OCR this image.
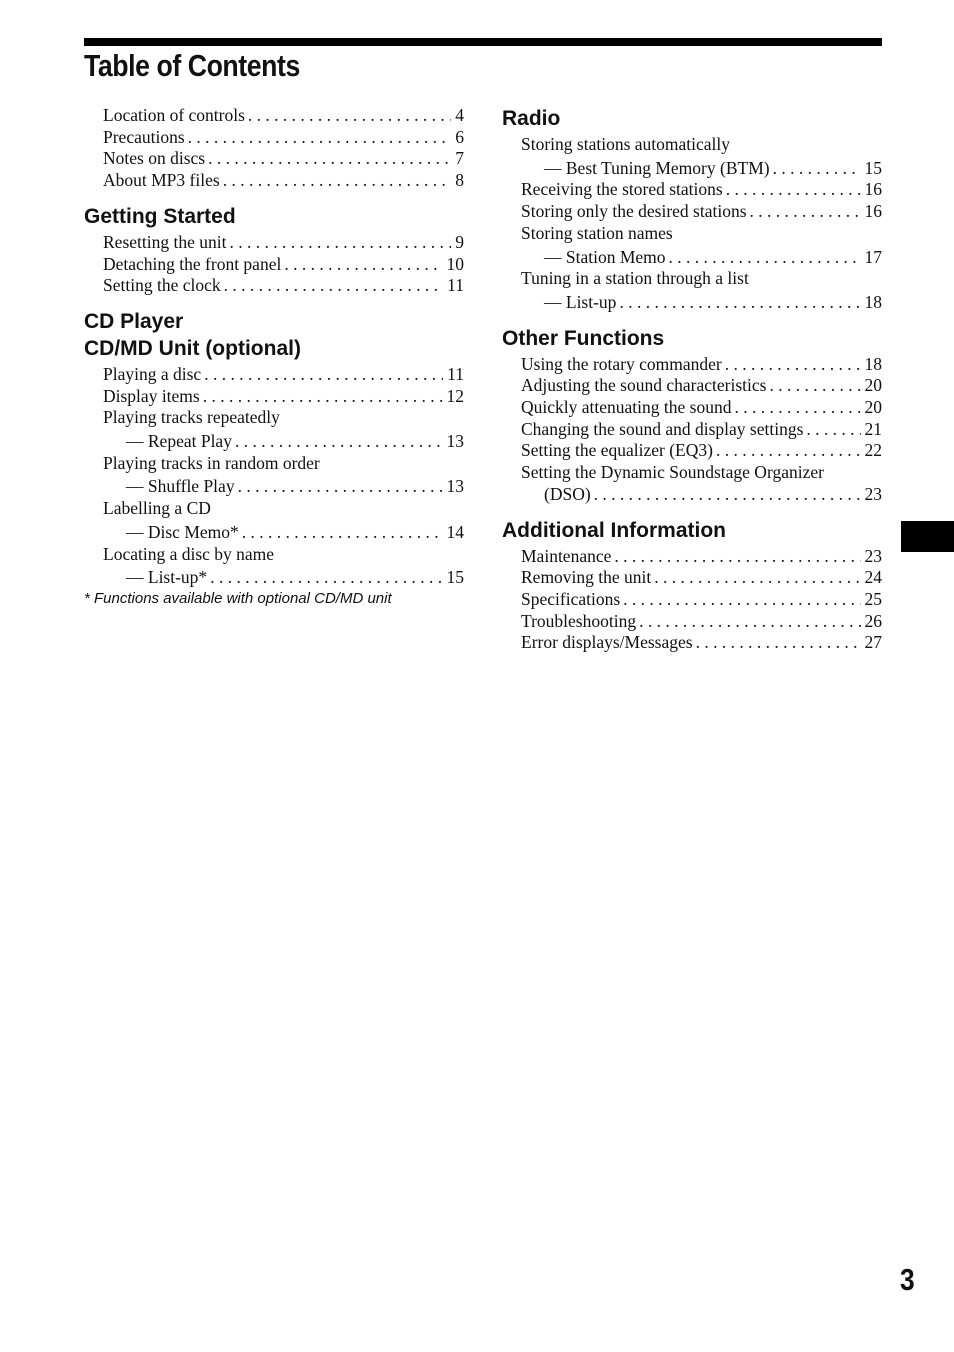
Table of Contents
Location of controls . . .	4
Precautions . . .	6
Notes on discs . . .	7
About MP3 files . . .	8
Getting Started
Resetting the unit . . .	9
Detaching the front panel . . .	10
Setting the clock . . .	11
CD Player
CD/MD Unit (optional)
Playing a disc . . .	11
Display items . . .	12
Playing tracks repeatedly
— Repeat Play . . .	13
Playing tracks in random order
— Shuffle Play . . .	13
Labelling a CD
— Disc Memo* . . .	14
Locating a disc by name
— List-up* . . .	15
* Functions available with optional CD/MD unit
Radio
Storing stations automatically
— Best Tuning Memory (BTM) . . .	15
Receiving the stored stations . . .	16
Storing only the desired stations . . .	16
Storing station names
— Station Memo . . .	17
Tuning in a station through a list
— List-up . . .	18
Other Functions
Using the rotary commander . . .	18
Adjusting the sound characteristics . . .	20
Quickly attenuating the sound . . .	20
Changing the sound and display settings . . .	21
Setting the equalizer (EQ3) . . .	22
Setting the Dynamic Soundstage Organizer
(DSO) . . .	23
Additional Information
Maintenance . . .	23
Removing the unit . . .	24
Specifications . . .	25
Troubleshooting . . .	26
Error displays/Messages . . .	27
3
